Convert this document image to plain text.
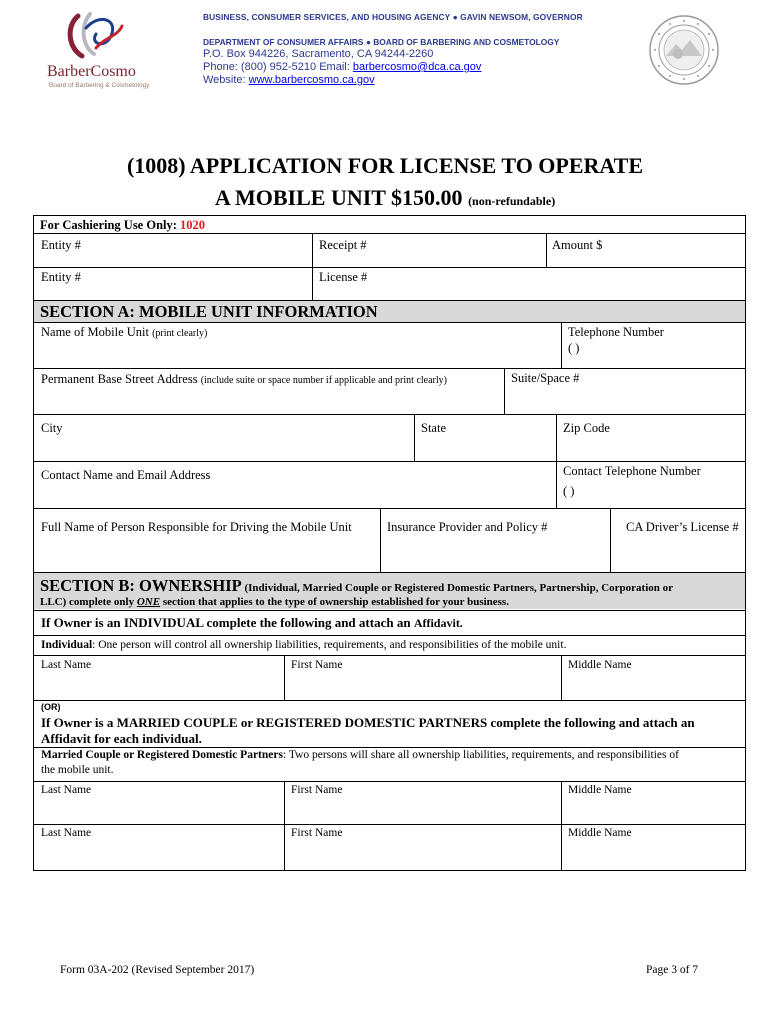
BarberCosmo
Board of Barbering & Cosmetology
BUSINESS, CONSUMER SERVICES, AND HOUSING AGENCY ● GAVIN NEWSOM, GOVERNOR
DEPARTMENT OF CONSUMER AFFAIRS ● BOARD OF BARBERING AND COSMETOLOGY
P.O. Box 944226, Sacramento, CA 94244-2260
Phone: (800) 952-5210 Email: barbercosmo@dca.ca.gov
Website: www.barbercosmo.ca.gov
(1008) APPLICATION FOR LICENSE TO OPERATE
A MOBILE UNIT $150.00 (non-refundable)
For Cashiering Use Only: 1020
Entity #	Receipt #	Amount $
Entity #	License #
SECTION A: MOBILE UNIT INFORMATION
Name of Mobile Unit (print clearly)	Telephone Number
( )
Permanent Base Street Address (include suite or space number if applicable and print clearly)	Suite/Space #
City	State	Zip Code
Contact Name and Email Address	Contact Telephone Number
( )
Full Name of Person Responsible for Driving the Mobile Unit	Insurance Provider and Policy #	CA Driver’s License #
SECTION B: OWNERSHIP (Individual, Married Couple or Registered Domestic Partners, Partnership, Corporation or
LLC) complete only ONE section that applies to the type of ownership established for your business.
If Owner is an INDIVIDUAL complete the following and attach an Affidavit.
Individual: One person will control all ownership liabilities, requirements, and responsibilities of the mobile unit.
Last Name	First Name	Middle Name
(OR)
If Owner is a MARRIED COUPLE or REGISTERED DOMESTIC PARTNERS complete the following and attach an
Affidavit for each individual.
Married Couple or Registered Domestic Partners: Two persons will share all ownership liabilities, requirements, and responsibilities of
the mobile unit.
Last Name	First Name	Middle Name
Last Name	First Name	Middle Name
Form 03A-202 (Revised September 2017)	Page 3 of 7
